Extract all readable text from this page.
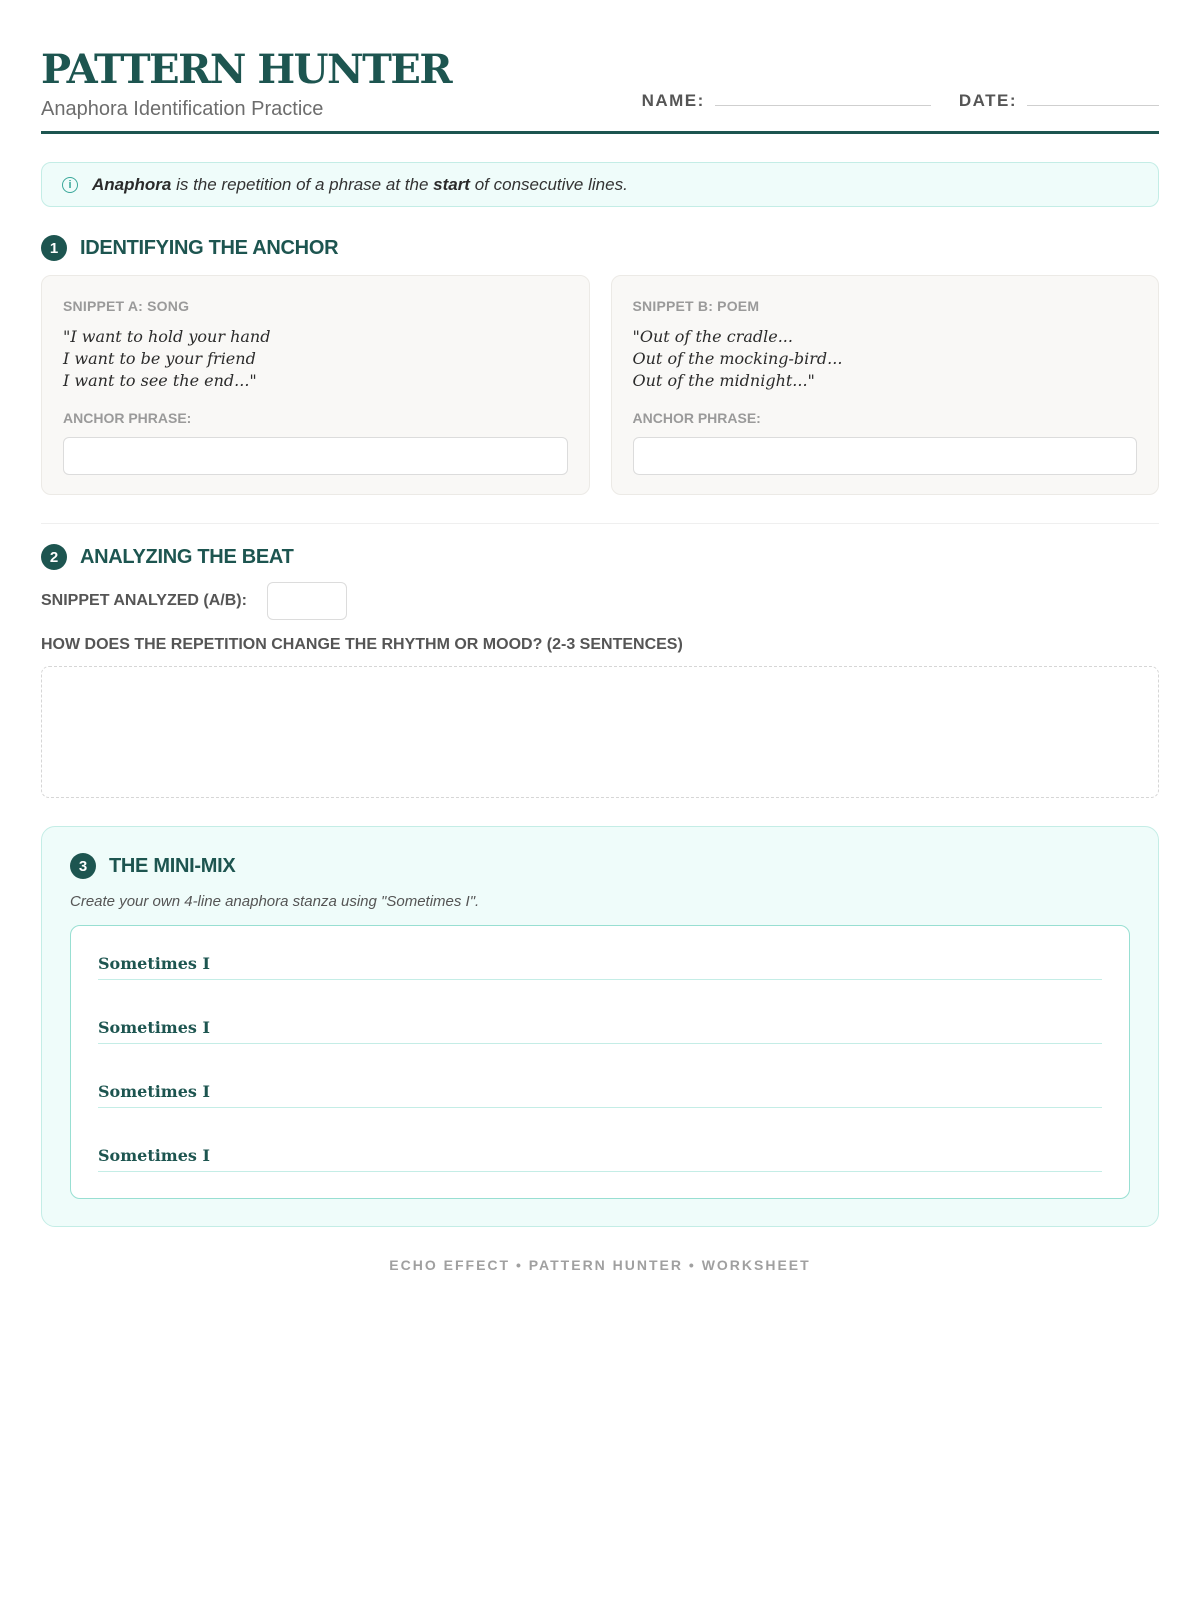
PATTERN HUNTER
Anaphora Identification Practice	NAME:	DATE:
i	Anaphora is the repetition of a phrase at the start of consecutive lines.
1	IDENTIFYING THE ANCHOR
SNIPPET A: SONG
"I want to hold your hand
I want to be your friend
I want to see the end..."
ANCHOR PHRASE:
SNIPPET B: POEM
"Out of the cradle...
Out of the mocking-bird...
Out of the midnight..."
ANCHOR PHRASE:
2	ANALYZING THE BEAT
SNIPPET ANALYZED (A/B):
HOW DOES THE REPETITION CHANGE THE RHYTHM OR MOOD? (2-3 SENTENCES)
3	THE MINI-MIX
Create your own 4-line anaphora stanza using "Sometimes I".
Sometimes I
Sometimes I
Sometimes I
Sometimes I
ECHO EFFECT • PATTERN HUNTER • WORKSHEET
